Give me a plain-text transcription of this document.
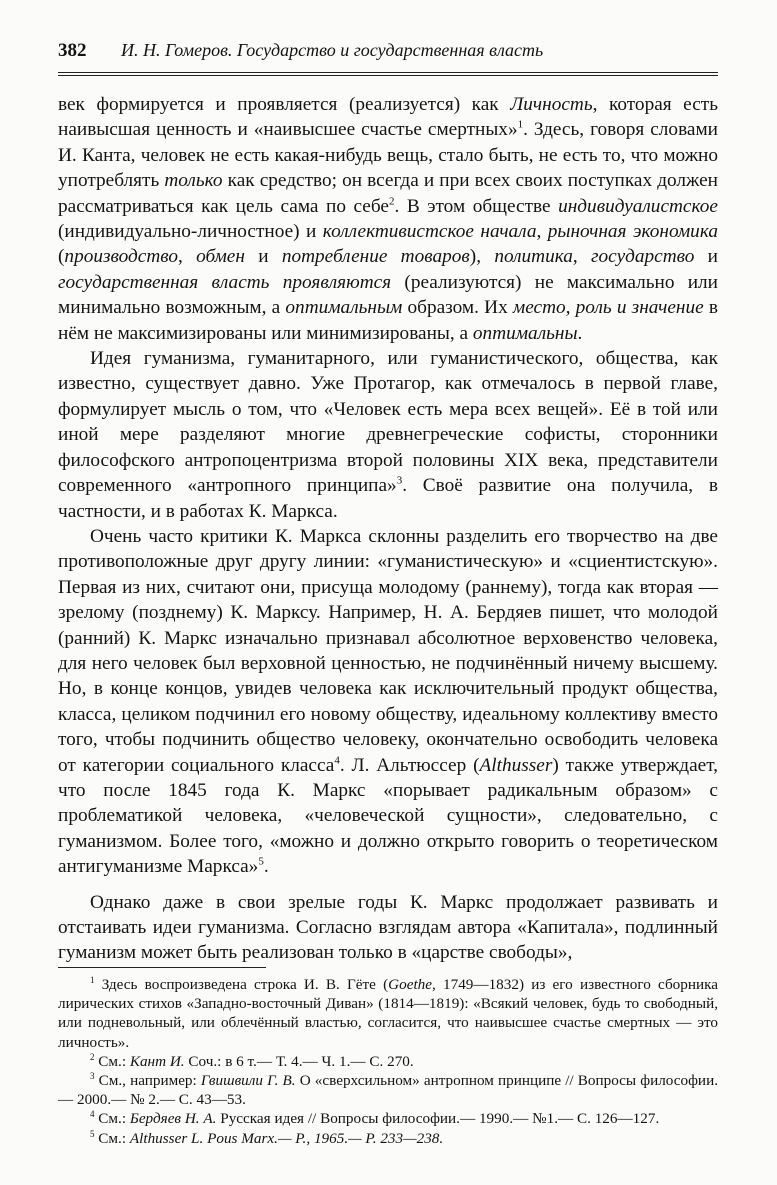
382 И. Н. Гомеров. Государство и государственная власть

век формируется и проявляется (реализуется) как Личность, которая есть наивысшая ценность и «наивысшее счастье смертных»$^1$. Здесь, говоря словами И. Канта, человек не есть какая-нибудь вещь, стало быть, не есть то, что можно употреблять только как средство; он всегда и при всех своих поступках должен рассматриваться как цель сама по себе$^2$. В этом обществе индивидуалистское (индивидуально-личностное) и коллективистское начала, рыночная экономика (производство, обмен и потребление товаров), политика, государство и государственная власть проявляются (реализуются) не максимально или минимально возможным, а оптимальным образом. Их место, роль и значение в нём не максимизированы или минимизированы, а оптимальны.

Идея гуманизма, гуманитарного, или гуманистического, общества, как известно, существует давно. Уже Протагор, как отмечалось в первой главе, формулирует мысль о том, что «Человек есть мера всех вещей». Её в той или иной мере разделяют многие древнегреческие софисты, сторонники философского антропоцентризма второй половины XIX века, представители современного «антропного принципа»$^3$. Своё развитие она получила, в частности, и в работах К. Маркса.

Очень часто критики К. Маркса склонны разделить его творчество на две противоположные друг другу линии: «гуманистическую» и «сциентистскую». Первая из них, считают они, присуща молодому (раннему), тогда как вторая — зрелому (позднему) К. Марксу. Например, Н. А. Бердяев пишет, что молодой (ранний) К. Маркс изначально признавал абсолютное верховенство человека, для него человек был верховной ценностью, не подчинённый ничему высшему. Но, в конце концов, увидев человека как исключительный продукт общества, класса, целиком подчинил его новому обществу, идеальному коллективу вместо того, чтобы подчинить общество человеку, окончательно освободить человека от категории социального класса$^4$. Л. Альтюссер (Althusser) также утверждает, что после 1845 года К. Маркс «порывает радикальным образом» с проблематикой человека, «человеческой сущности», следовательно, с гуманизмом. Более того, «можно и должно открыто говорить о теоретическом антигуманизме Маркса»$^5$.

Однако даже в свои зрелые годы К. Маркс продолжает развивать и отстаивать идеи гуманизма. Согласно взглядам автора «Капитала», подлинный гуманизм может быть реализован только в «царстве свободы»,

$^1$ Здесь воспроизведена строка И. В. Гёте (Goethe, 1749—1832) из его известного сборника лирических стихов «Западно-восточный Диван» (1814—1819): «Всякий человек, будь то свободный, или подневольный, или облечённый властью, согласится, что наивысшее счастье смертных — это личность».

$^2$ См.: Кант И. Соч.: в 6 т.— Т. 4.— Ч. 1.— С. 270.

$^3$ См., например: Гвишвили Г. В. О «сверхсильном» антропном принципе // Вопросы философии.— 2000.— № 2.— С. 43—53.

$^4$ См.: Бердяев Н. А. Русская идея // Вопросы философии.— 1990.— №1.— С. 126—127.

$^5$ См.: Althusser L. Pous Marx.— P., 1965.— P. 233—238.
